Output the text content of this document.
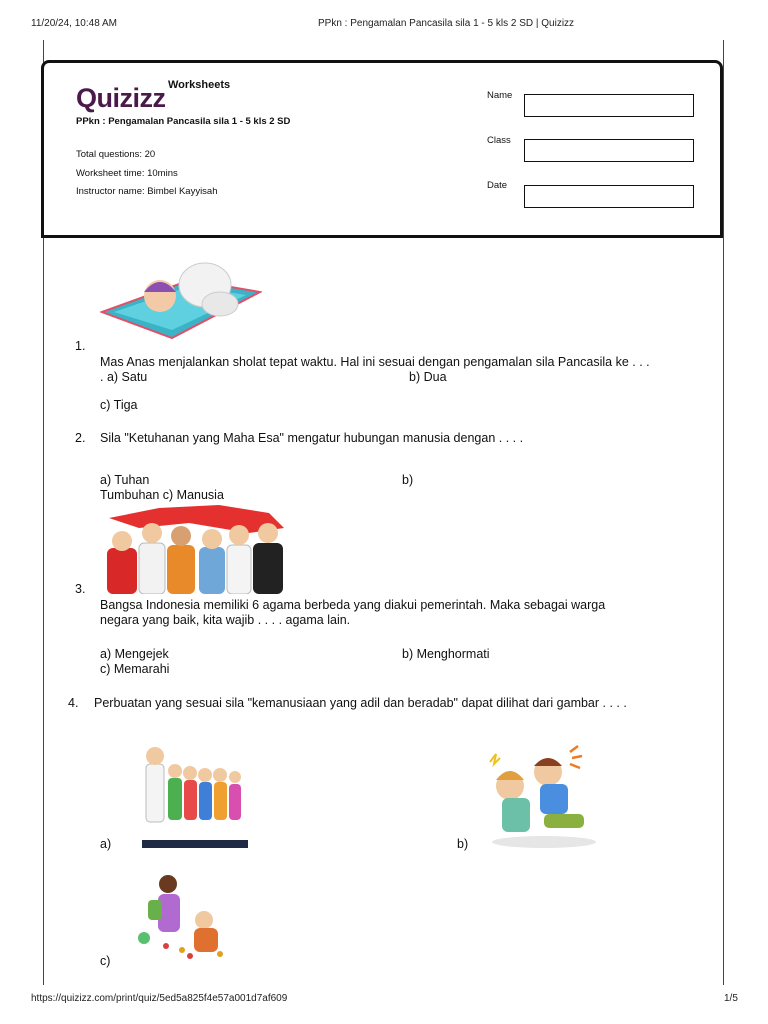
11/20/24, 10:48 AM	PPkn : Pengamalan Pancasila sila 1 - 5 kls 2 SD | Quizizz
Quizizz Worksheets
PPkn : Pengamalan Pancasila sila 1 - 5 kls 2 SD
Total questions: 20
Worksheet time: 10mins
Instructor name: Bimbel Kayyisah
Name
Class
Date
1.
Mas Anas menjalankan sholat tepat waktu. Hal ini sesuai dengan pengamalan sila Pancasila ke . . .
. a) Satu	b) Dua
c) Tiga
2. Sila "Ketuhanan yang Maha Esa" mengatur hubungan manusia dengan . . . .
a) Tuhan	b)
Tumbuhan c) Manusia
3.
Bangsa Indonesia memiliki 6 agama berbeda yang diakui pemerintah. Maka sebagai warga
negara yang baik, kita wajib . . . . agama lain.
a) Mengejek	b) Menghormati
c) Memarahi
4. Perbuatan yang sesuai sila "kemanusiaan yang adil dan beradab" dapat dilihat dari gambar . . . .
a)	b)
c)
https://quizizz.com/print/quiz/5ed5a825f4e57a001d7af609	1/5
